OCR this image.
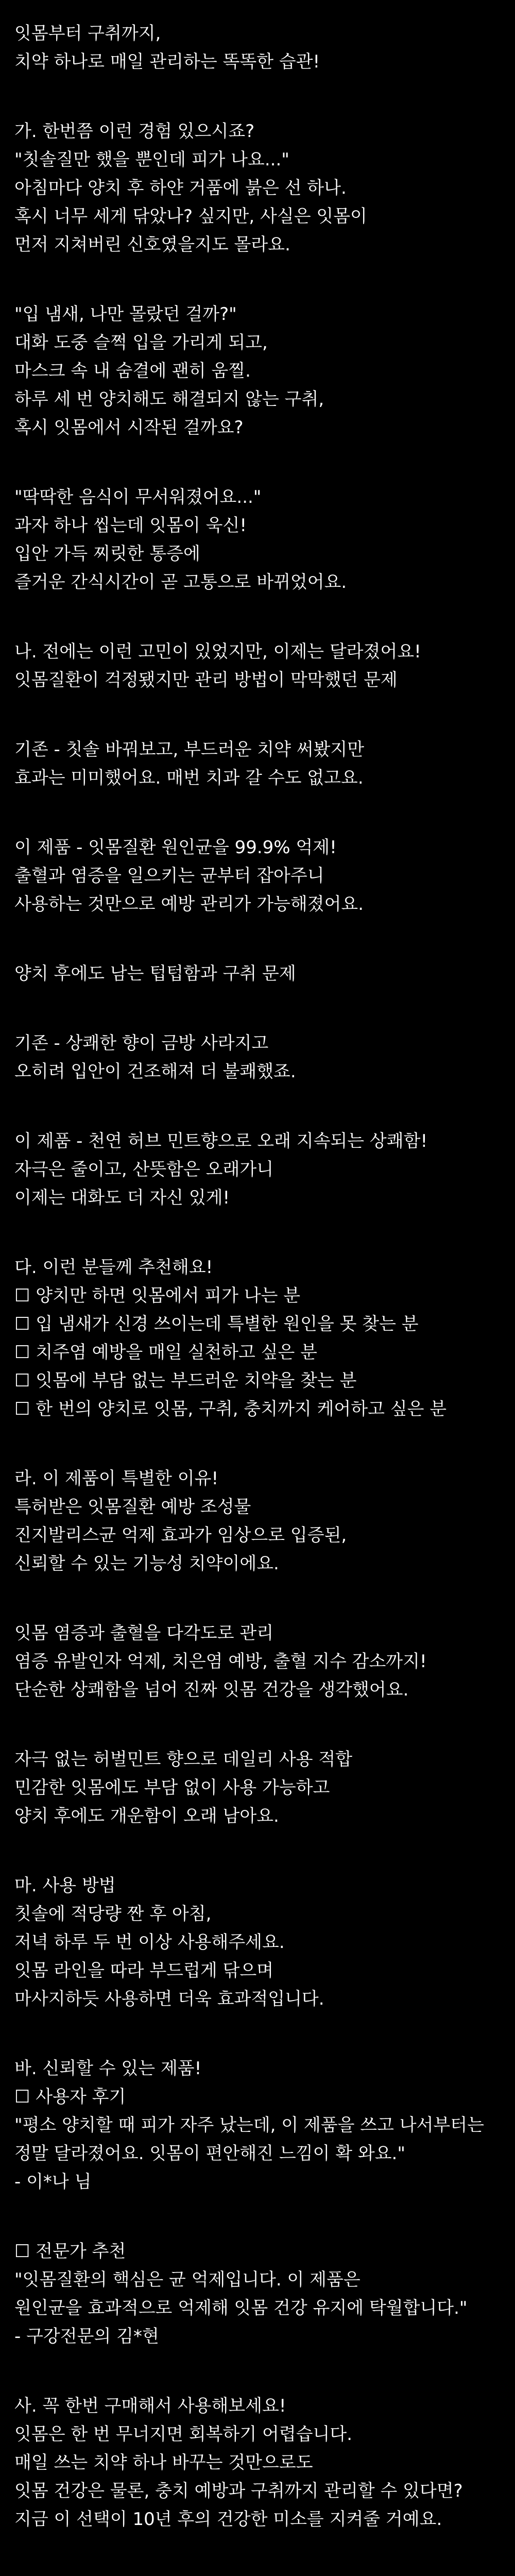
잇몸부터 구취까지,
치약 하나로 매일 관리하는 똑똑한 습관!
가. 한번쯤 이런 경험 있으시죠?
"칫솔질만 했을 뿐인데 피가 나요..."
아침마다 양치 후 하얀 거품에 붉은 선 하나.
혹시 너무 세게 닦았나? 싶지만, 사실은 잇몸이
먼저 지쳐버린 신호였을지도 몰라요.
"입 냄새, 나만 몰랐던 걸까?"
대화 도중 슬쩍 입을 가리게 되고,
마스크 속 내 숨결에 괜히 움찔.
하루 세 번 양치해도 해결되지 않는 구취,
혹시 잇몸에서 시작된 걸까요?
"딱딱한 음식이 무서워졌어요..."
과자 하나 씹는데 잇몸이 욱신!
입안 가득 찌릿한 통증에
즐거운 간식시간이 곧 고통으로 바뀌었어요.
나. 전에는 이런 고민이 있었지만, 이제는 달라졌어요!
잇몸질환이 걱정됐지만 관리 방법이 막막했던 문제
기존 - 칫솔 바꿔보고, 부드러운 치약 써봤지만
효과는 미미했어요. 매번 치과 갈 수도 없고요.
이 제품 - 잇몸질환 원인균을 99.9% 억제!
출혈과 염증을 일으키는 균부터 잡아주니
사용하는 것만으로 예방 관리가 가능해졌어요.
양치 후에도 남는 텁텁함과 구취 문제
기존 - 상쾌한 향이 금방 사라지고
오히려 입안이 건조해져 더 불쾌했죠.
이 제품 - 천연 허브 민트향으로 오래 지속되는 상쾌함!
자극은 줄이고, 산뜻함은 오래가니
이제는 대화도 더 자신 있게!
다. 이런 분들께 추천해요!
☐ 양치만 하면 잇몸에서 피가 나는 분
☐ 입 냄새가 신경 쓰이는데 특별한 원인을 못 찾는 분
☐ 치주염 예방을 매일 실천하고 싶은 분
☐ 잇몸에 부담 없는 부드러운 치약을 찾는 분
☐ 한 번의 양치로 잇몸, 구취, 충치까지 케어하고 싶은 분
라. 이 제품이 특별한 이유!
특허받은 잇몸질환 예방 조성물
진지발리스균 억제 효과가 임상으로 입증된,
신뢰할 수 있는 기능성 치약이에요.
잇몸 염증과 출혈을 다각도로 관리
염증 유발인자 억제, 치은염 예방, 출혈 지수 감소까지!
단순한 상쾌함을 넘어 진짜 잇몸 건강을 생각했어요.
자극 없는 허벌민트 향으로 데일리 사용 적합
민감한 잇몸에도 부담 없이 사용 가능하고
양치 후에도 개운함이 오래 남아요.
마. 사용 방법
칫솔에 적당량 짠 후 아침,
저녁 하루 두 번 이상 사용해주세요.
잇몸 라인을 따라 부드럽게 닦으며
마사지하듯 사용하면 더욱 효과적입니다.
바. 신뢰할 수 있는 제품!
☐ 사용자 후기
"평소 양치할 때 피가 자주 났는데, 이 제품을 쓰고 나서부터는
정말 달라졌어요. 잇몸이 편안해진 느낌이 확 와요."
- 이*나 님
☐ 전문가 추천
"잇몸질환의 핵심은 균 억제입니다. 이 제품은
원인균을 효과적으로 억제해 잇몸 건강 유지에 탁월합니다."
- 구강전문의 김*현
사. 꼭 한번 구매해서 사용해보세요!
잇몸은 한 번 무너지면 회복하기 어렵습니다.
매일 쓰는 치약 하나 바꾸는 것만으로도
잇몸 건강은 물론, 충치 예방과 구취까지 관리할 수 있다면?
지금 이 선택이 10년 후의 건강한 미소를 지켜줄 거예요.
